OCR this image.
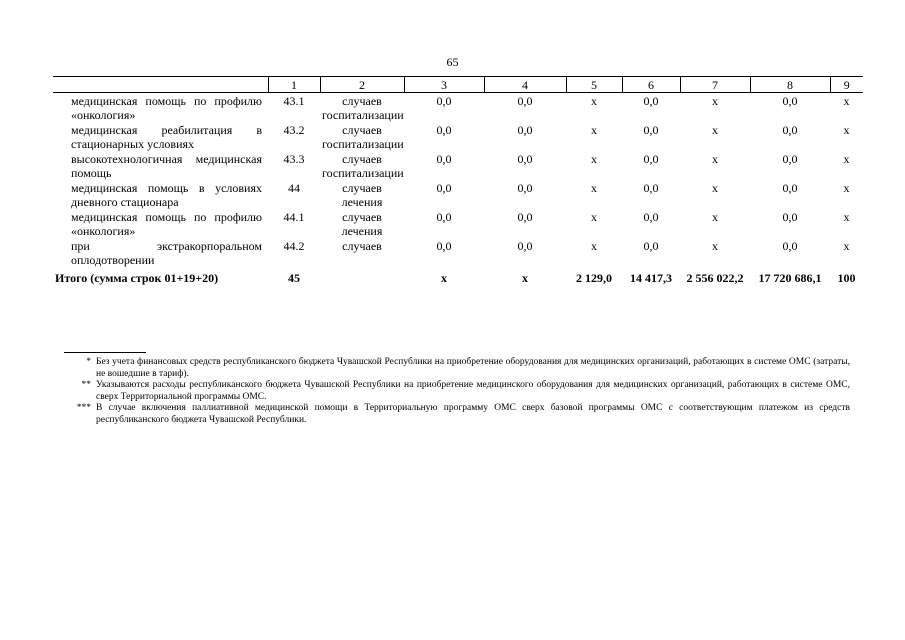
65
	1	2	3	4	5	6	7	8	9
медицинская помощь по профилю «онкология»	43.1	случаев госпитализации	0,0	0,0	х	0,0	х	0,0	х
медицинская реабилитация в стационарных условиях	43.2	случаев госпитализации	0,0	0,0	х	0,0	х	0,0	х
высокотехнологичная медицинская помощь	43.3	случаев госпитализации	0,0	0,0	х	0,0	х	0,0	х
медицинская помощь в условиях дневного стационара	44	случаев лечения	0,0	0,0	х	0,0	х	0,0	х
медицинская помощь по профилю «онкология»	44.1	случаев лечения	0,0	0,0	х	0,0	х	0,0	х
при экстракорпоральном оплодотворении	44.2	случаев	0,0	0,0	х	0,0	х	0,0	х
Итого (сумма строк 01+19+20)	45		х	х	2 129,0	14 417,3	2 556 022,2	17 720 686,1	100
* Без учета финансовых средств республиканского бюджета Чувашской Республики на приобретение оборудования для медицинских организаций, работающих в системе ОМС (затраты, не вошедшие в тариф).
** Указываются расходы республиканского бюджета Чувашской Республики на приобретение медицинского оборудования для медицинских организаций, работающих в системе ОМС, сверх Территориальной программы ОМС.
*** В случае включения паллиативной медицинской помощи в Территориальную программу ОМС сверх базовой программы ОМС с соответствующим платежом из средств республиканского бюджета Чувашской Республики.
